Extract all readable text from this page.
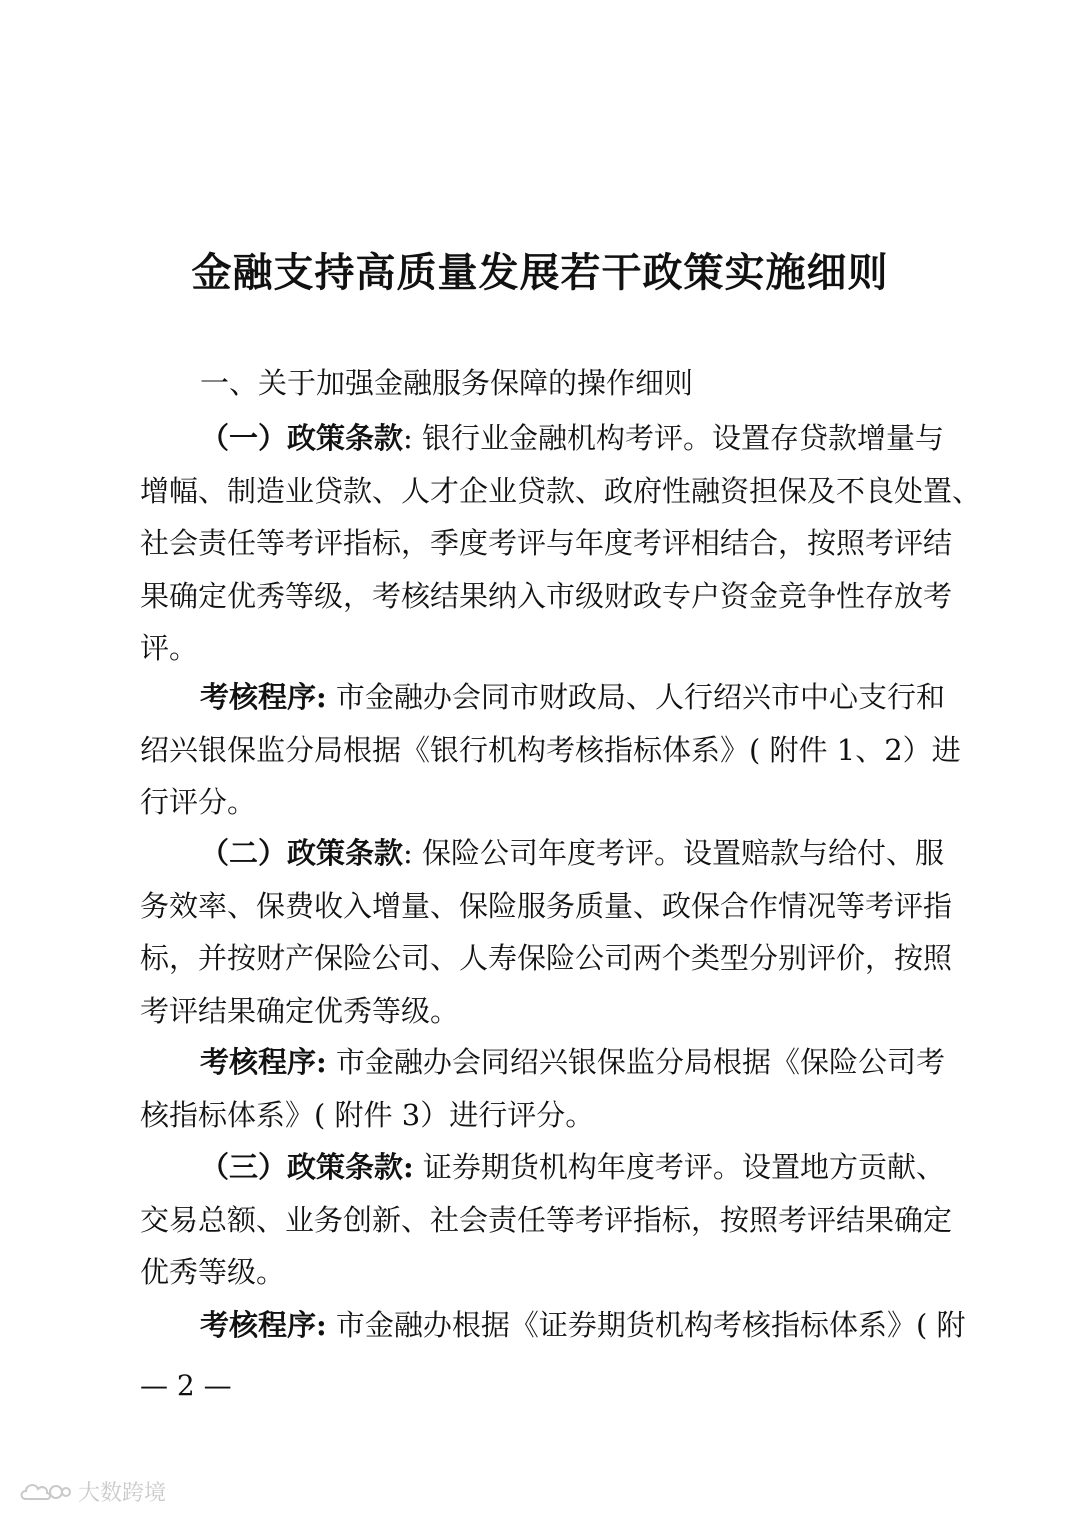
金融支持高质量发展若干政策实施细则
一、关于加强金融服务保障的操作细则
（一）政策条款: 银行业金融机构考评。设置存贷款增量与
增幅、制造业贷款、人才企业贷款、政府性融资担保及不良处置、
社会责任等考评指标，季度考评与年度考评相结合，按照考评结
果确定优秀等级，考核结果纳入市级财政专户资金竞争性存放考
评。
考核程序: 市金融办会同市财政局、人行绍兴市中心支行和
绍兴银保监分局根据《银行机构考核指标体系》( 附件 1、2）进
行评分。
（二）政策条款: 保险公司年度考评。设置赔款与给付、服
务效率、保费收入增量、保险服务质量、政保合作情况等考评指
标，并按财产保险公司、人寿保险公司两个类型分别评价，按照
考评结果确定优秀等级。
考核程序: 市金融办会同绍兴银保监分局根据《保险公司考
核指标体系》( 附件 3）进行评分。
（三）政策条款: 证券期货机构年度考评。设置地方贡献、
交易总额、业务创新、社会责任等考评指标，按照考评结果确定
优秀等级。
考核程序: 市金融办根据《证券期货机构考核指标体系》( 附
— 2 —
大数跨境
